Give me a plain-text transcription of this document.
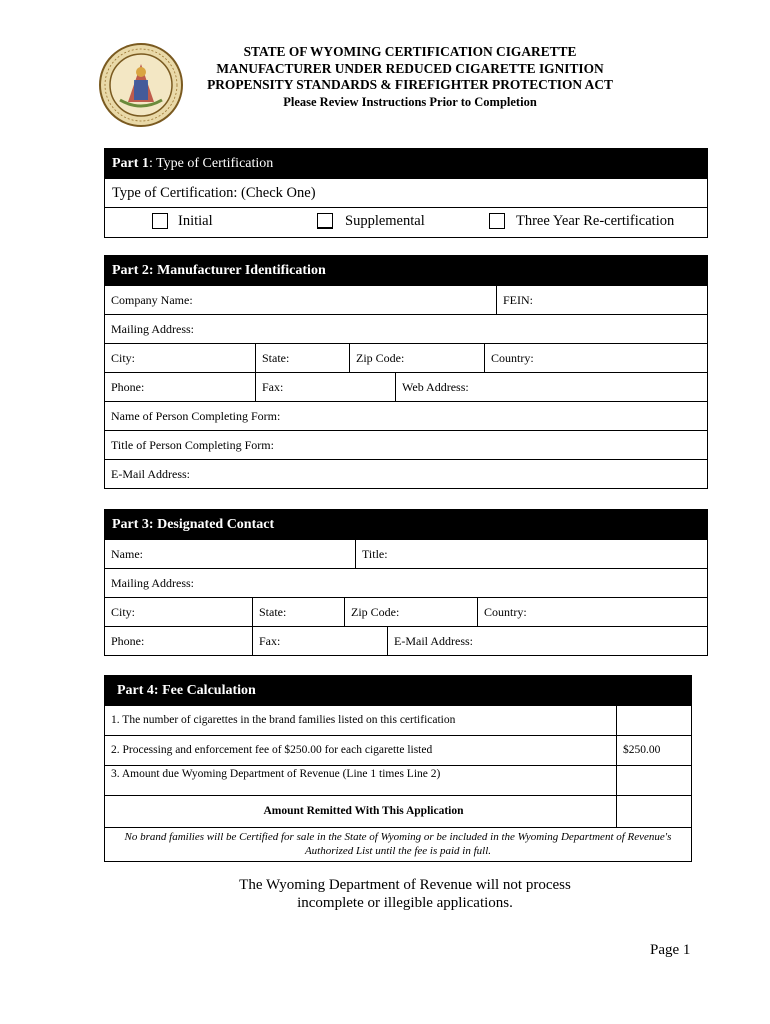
STATE OF WYOMING CERTIFICATION CIGARETTE
MANUFACTURER UNDER REDUCED CIGARETTE IGNITION
PROPENSITY STANDARDS & FIREFIGHTER PROTECTION ACT
Please Review Instructions Prior to Completion
Part 1: Type of Certification
Type of Certification: (Check One)
Initial	Supplemental	Three Year Re-certification
Part 2: Manufacturer Identification
Company Name:	FEIN:
Mailing Address:
City:	State:	Zip Code:	Country:
Phone:	Fax:	Web Address:
Name of Person Completing Form:
Title of Person Completing Form:
E-Mail Address:
Part 3: Designated Contact
Name:	Title:
Mailing Address:
City:	State:	Zip Code:	Country:
Phone:	Fax:	E-Mail Address:
Part 4: Fee Calculation
1. The number of cigarettes in the brand families listed on this certification
2. Processing and enforcement fee of $250.00 for each cigarette listed	$250.00
3. Amount due Wyoming Department of Revenue (Line 1 times Line 2)
Amount Remitted With This Application
No brand families will be Certified for sale in the State of Wyoming or be included in the Wyoming Department of Revenue's Authorized List until the fee is paid in full.
The Wyoming Department of Revenue will not process
incomplete or illegible applications.
Page 1
